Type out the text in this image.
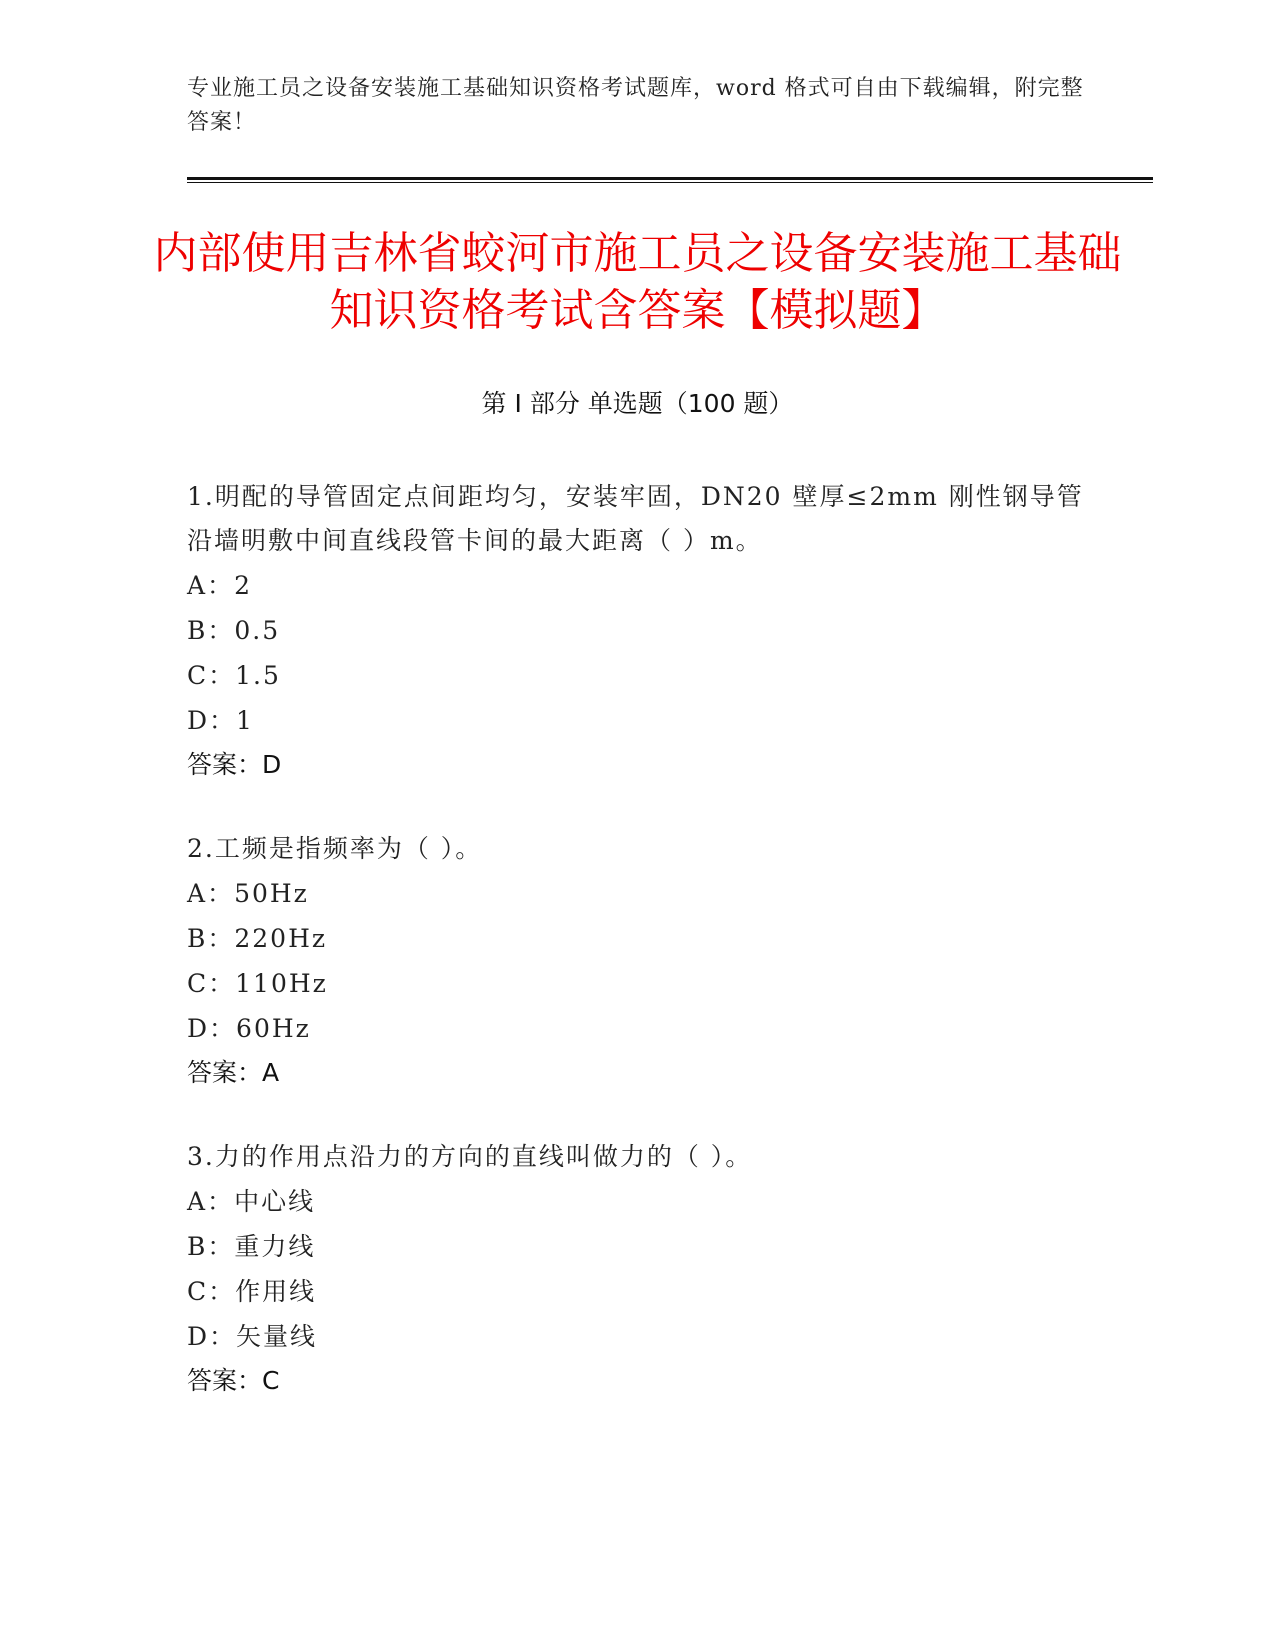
专业施工员之设备安装施工基础知识资格考试题库，word 格式可自由下载编辑，附完整答案！
内部使用吉林省蛟河市施工员之设备安装施工基础知识资格考试含答案【模拟题】
第 I 部分 单选题（100 题）
1.明配的导管固定点间距均匀，安装牢固，DN20 壁厚≤2mm 刚性钢导管沿墙明敷中间直线段管卡间的最大距离（ ）m。
A： 2
B： 0.5
C： 1.5
D： 1
答案：D
2.工频是指频率为（ ）。
A： 50Hz
B： 220Hz
C： 110Hz
D： 60Hz
答案：A
3.力的作用点沿力的方向的直线叫做力的（ ）。
A： 中心线
B： 重力线
C： 作用线
D： 矢量线
答案：C
